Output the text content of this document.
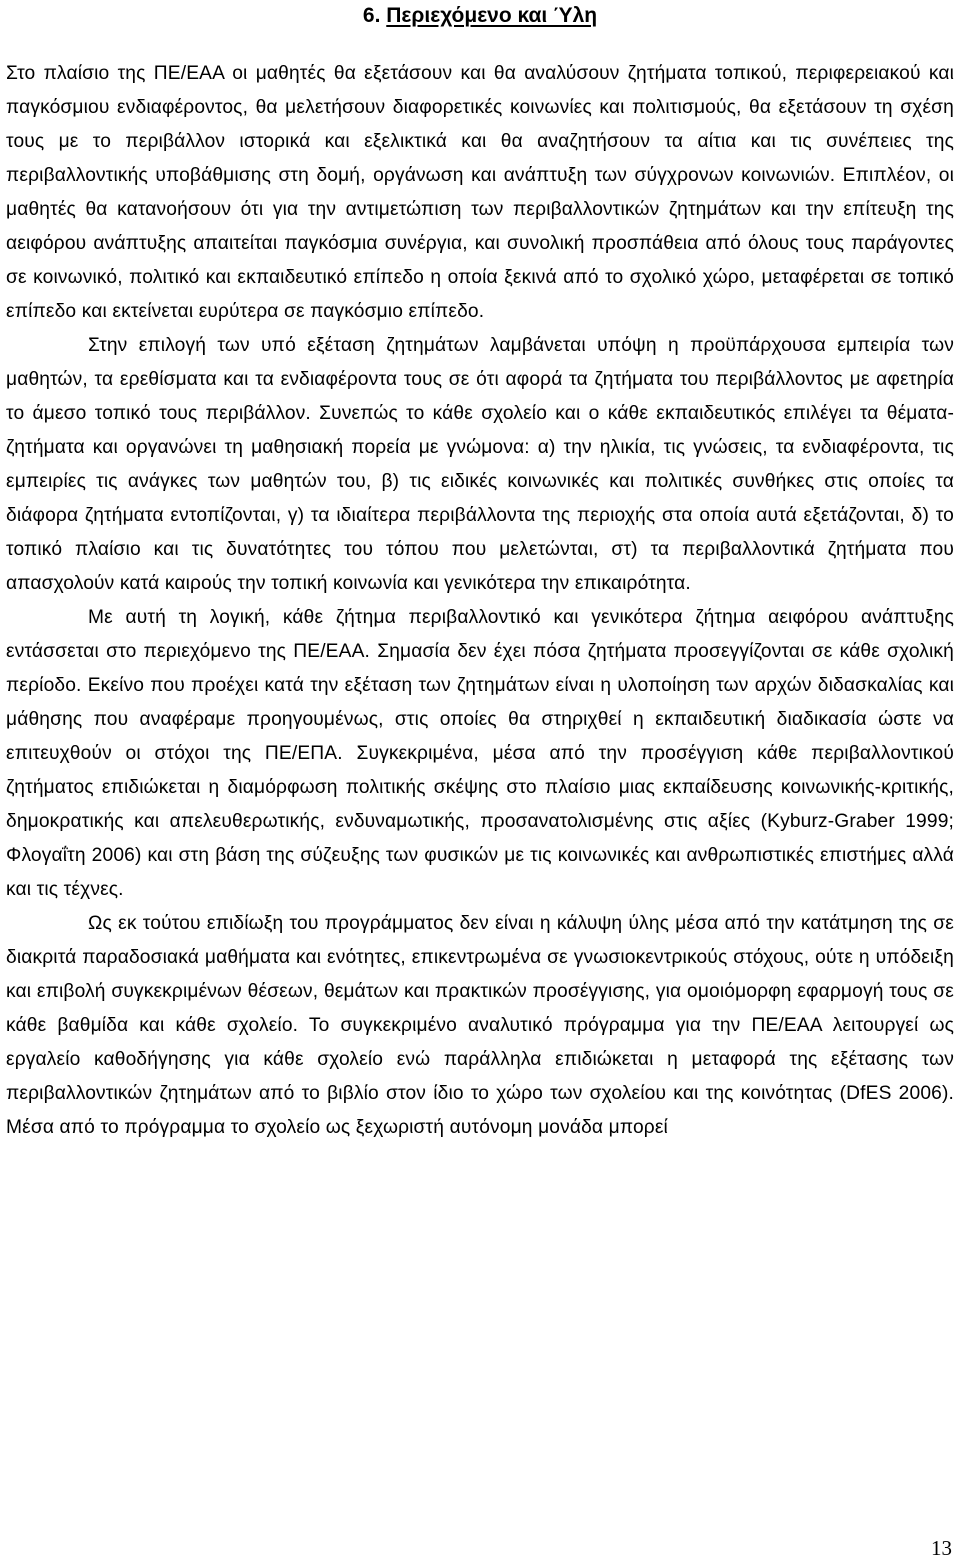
6. Περιεχόμενο και Ύλη

Στο πλαίσιο της ΠΕ/ΕΑΑ οι μαθητές θα εξετάσουν και θα αναλύσουν ζητήματα τοπικού, περιφερειακού και παγκόσμιου ενδιαφέροντος, θα μελετήσουν διαφορετικές κοινωνίες και πολιτισμούς, θα εξετάσουν τη σχέση τους με το περιβάλλον ιστορικά και εξελικτικά και θα αναζητήσουν τα αίτια και τις συνέπειες της περιβαλλοντικής υποβάθμισης στη δομή, οργάνωση και ανάπτυξη των σύγχρονων κοινωνιών. Επιπλέον, οι μαθητές θα κατανοήσουν ότι για την αντιμετώπιση των περιβαλλοντικών ζητημάτων και την επίτευξη της αειφόρου ανάπτυξης απαιτείται παγκόσμια συνέργια, και συνολική προσπάθεια από όλους τους παράγοντες σε κοινωνικό, πολιτικό και εκπαιδευτικό επίπεδο η οποία ξεκινά από το σχολικό χώρο, μεταφέρεται σε τοπικό επίπεδο και εκτείνεται ευρύτερα σε παγκόσμιο επίπεδο.

Στην επιλογή των υπό εξέταση ζητημάτων λαμβάνεται υπόψη η προϋπάρχουσα εμπειρία των μαθητών, τα ερεθίσματα και τα ενδιαφέροντα τους σε ότι αφορά τα ζητήματα του περιβάλλοντος με αφετηρία το άμεσο τοπικό τους περιβάλλον. Συνεπώς το κάθε σχολείο και ο κάθε εκπαιδευτικός επιλέγει τα θέματα-ζητήματα και οργανώνει τη μαθησιακή πορεία με γνώμονα: α) την ηλικία, τις γνώσεις, τα ενδιαφέροντα, τις εμπειρίες τις ανάγκες των μαθητών του, β) τις ειδικές κοινωνικές και πολιτικές συνθήκες στις οποίες τα διάφορα ζητήματα εντοπίζονται, γ) τα ιδιαίτερα περιβάλλοντα της περιοχής στα οποία αυτά εξετάζονται, δ) το τοπικό πλαίσιο και τις δυνατότητες του τόπου που μελετώνται, στ) τα περιβαλλοντικά ζητήματα που απασχολούν κατά καιρούς την τοπική κοινωνία και γενικότερα την επικαιρότητα.

Με αυτή τη λογική, κάθε ζήτημα περιβαλλοντικό και γενικότερα ζήτημα αειφόρου ανάπτυξης εντάσσεται στο περιεχόμενο της ΠΕ/ΕΑΑ. Σημασία δεν έχει πόσα ζητήματα προσεγγίζονται σε κάθε σχολική περίοδο. Εκείνο που προέχει κατά την εξέταση των ζητημάτων είναι η υλοποίηση των αρχών διδασκαλίας και μάθησης που αναφέραμε προηγουμένως, στις οποίες θα στηριχθεί η εκπαιδευτική διαδικασία ώστε να επιτευχθούν οι στόχοι της ΠΕ/ΕΠΑ. Συγκεκριμένα, μέσα από την προσέγγιση κάθε περιβαλλοντικού ζητήματος επιδιώκεται η διαμόρφωση πολιτικής σκέψης στο πλαίσιο μιας εκπαίδευσης κοινωνικής-κριτικής, δημοκρατικής και απελευθερωτικής, ενδυναμωτικής, προσανατολισμένης στις αξίες (Kyburz-Graber 1999; Φλογαΐτη 2006) και στη βάση της σύζευξης των φυσικών με τις κοινωνικές και ανθρωπιστικές επιστήμες αλλά και τις τέχνες.

Ως εκ τούτου επιδίωξη του προγράμματος δεν είναι η κάλυψη ύλης μέσα από την κατάτμηση της σε διακριτά παραδοσιακά μαθήματα και ενότητες, επικεντρωμένα σε γνωσιοκεντρικούς στόχους, ούτε η υπόδειξη και επιβολή συγκεκριμένων θέσεων, θεμάτων και πρακτικών προσέγγισης, για ομοιόμορφη εφαρμογή τους σε κάθε βαθμίδα και κάθε σχολείο. Το συγκεκριμένο αναλυτικό πρόγραμμα για την ΠΕ/ΕΑΑ λειτουργεί ως εργαλείο καθοδήγησης για κάθε σχολείο ενώ παράλληλα επιδιώκεται η μεταφορά της εξέτασης των περιβαλλοντικών ζητημάτων από το βιβλίο στον ίδιο το χώρο των σχολείου και της κοινότητας (DfES 2006). Μέσα από το πρόγραμμα το σχολείο ως ξεχωριστή αυτόνομη μονάδα μπορεί

13
